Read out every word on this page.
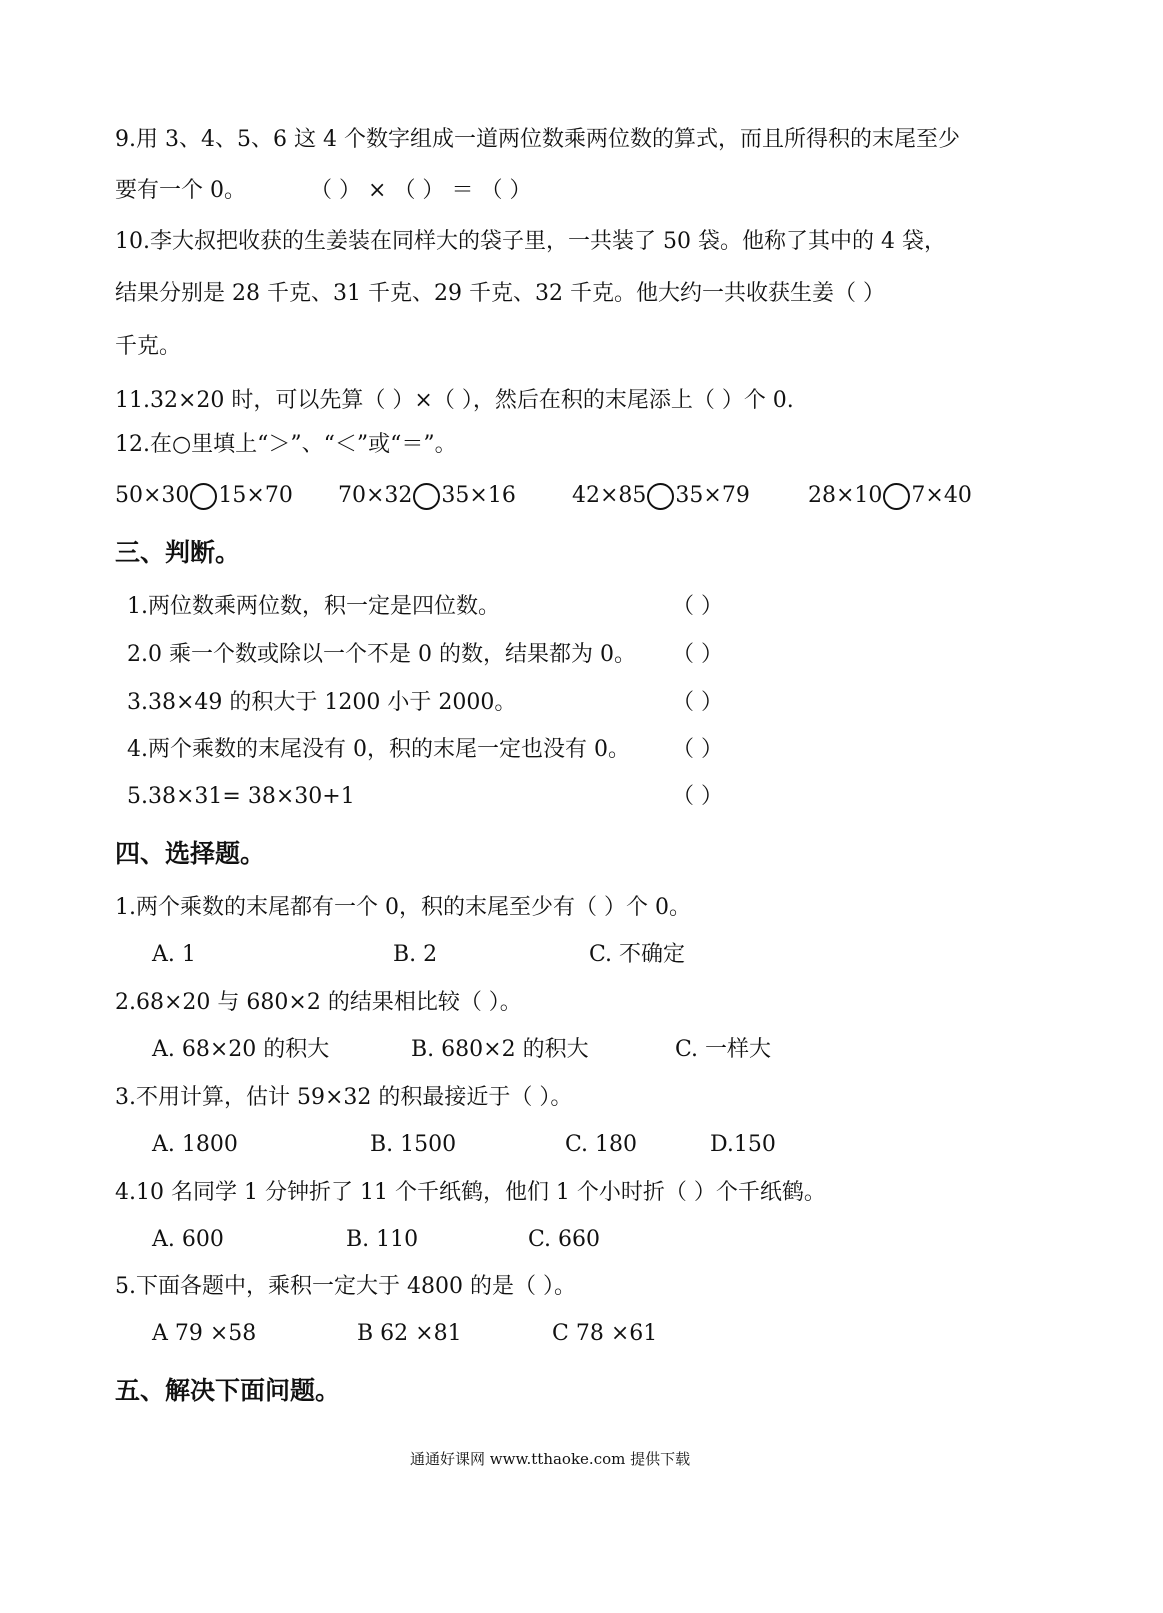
9.用 3、4、5、6 这 4 个数字组成一道两位数乘两位数的算式，而且所得积的末尾至少
要有一个 0。	（ ） × （ ） ＝ （ ）
10.李大叔把收获的生姜装在同样大的袋子里，一共装了 50 袋。他称了其中的 4 袋，
结果分别是 28 千克、31 千克、29 千克、32 千克。他大约一共收获生姜（ ）
千克。
11.32×20 时，可以先算（ ）×（ ），然后在积的末尾添上（ ）个 0.
12.在○里填上“＞”、“＜”或“＝”。
50×30 15×70 70×32 35×16	42×85 35×79	28×10 7×40
三、判断。
1.两位数乘两位数，积一定是四位数。	（ ）
2.0 乘一个数或除以一个不是 0 的数，结果都为 0。 （ ）
3.38×49 的积大于 1200 小于 2000。	（ ）
4.两个乘数的末尾没有 0，积的末尾一定也没有 0。 （ ）
5.38×31= 38×30+1	（ ）
四、选择题。
1.两个乘数的末尾都有一个 0，积的末尾至少有（ ）个 0。
A. 1	B. 2	C. 不确定
2.68×20 与 680×2 的结果相比较（ ）。
A. 68×20 的积大	B. 680×2 的积大	C. 一样大
3.不用计算，估计 59×32 的积最接近于（ ）。
A. 1800	B. 1500	C. 180	D.150
4.10 名同学 1 分钟折了 11 个千纸鹤，他们 1 个小时折（ ）个千纸鹤。
A. 600	B. 110	C. 660
5.下面各题中，乘积一定大于 4800 的是（ ）。
A 79 ×58	B 62 ×81	C 78 ×61
五、解决下面问题。
通通好课网 www.tthaoke.com 提供下载
